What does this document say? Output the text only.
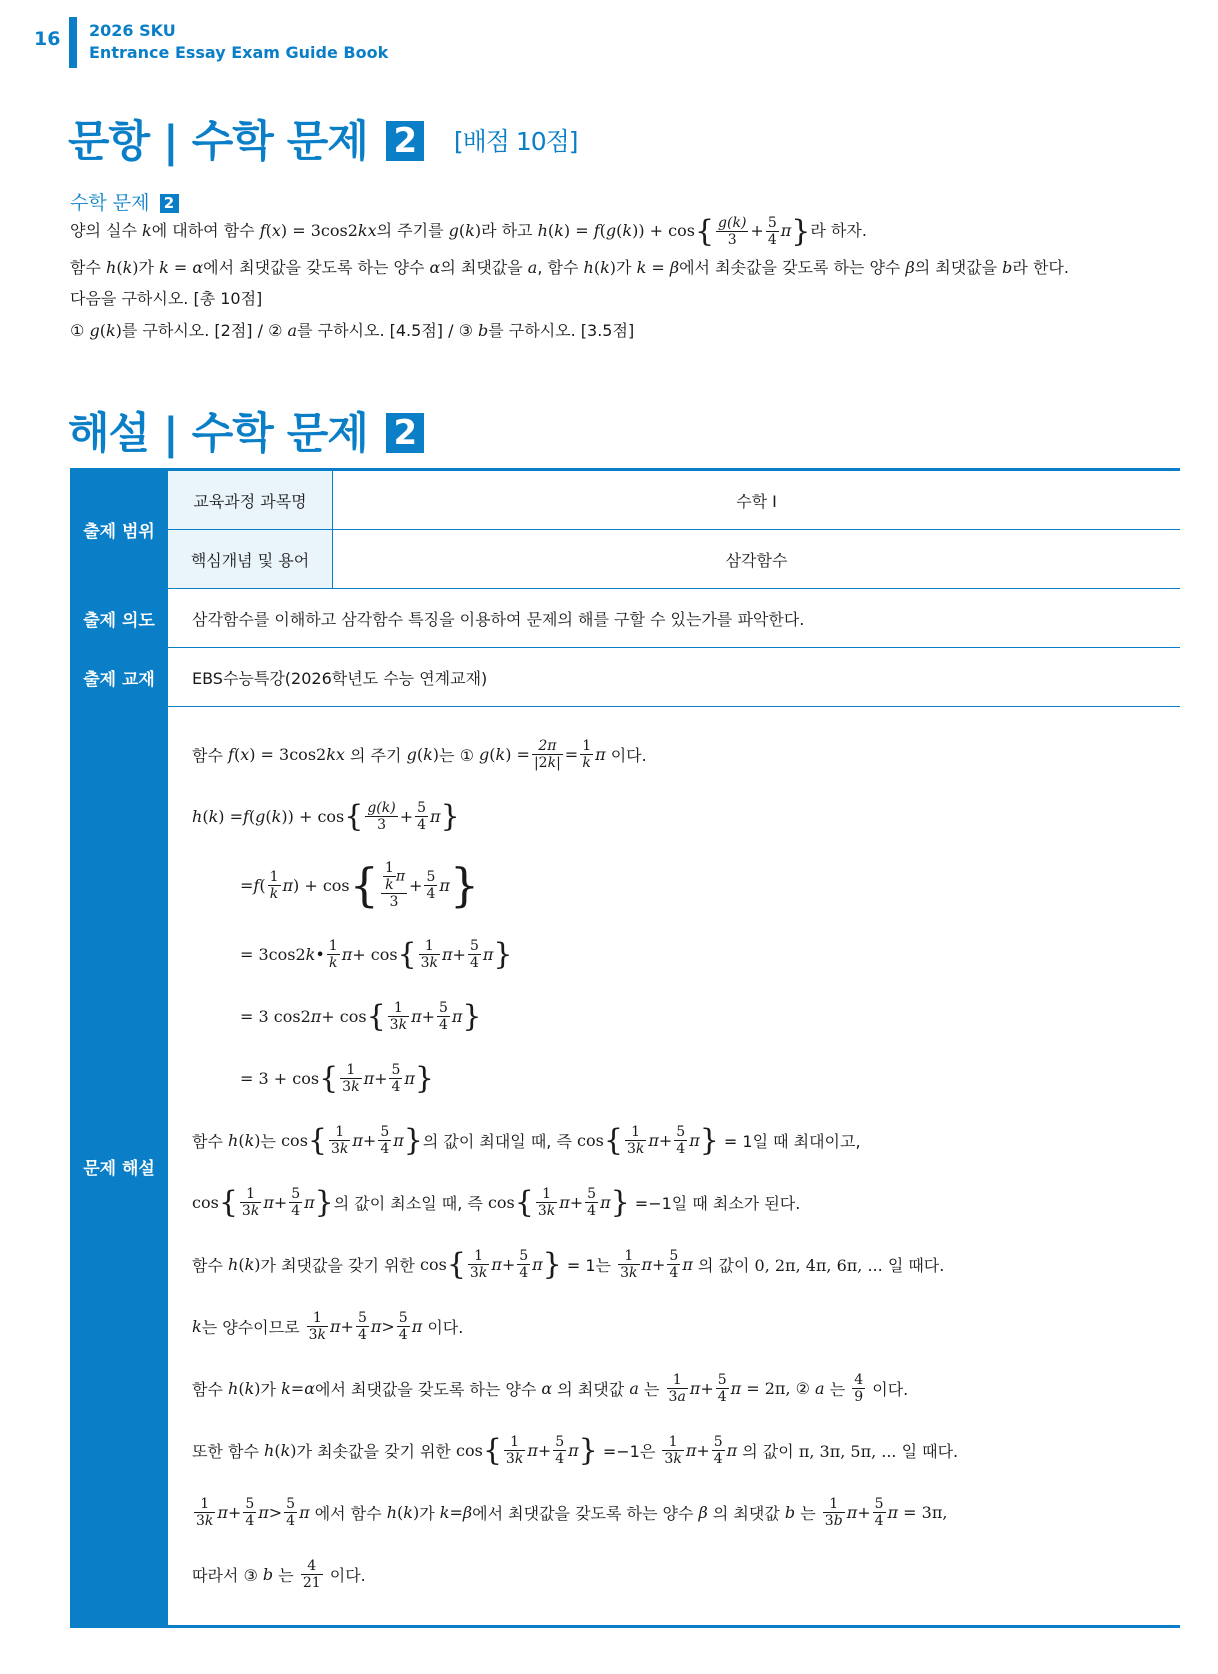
16 2026 SKU
Entrance Essay Exam Guide Book
문항 | 수학 문제 2 [배점 10점]
수학 문제 2
양의 실수 k에 대하여 함수 f(x) = 3cos2kx의 주기를 g(k)라 하고 $h(k) = f(g(k)) + \cos\{ \frac{g(k)}{3} + \frac{5}{4} \pi\}$라 하자.
함수 h(k)가 k = α에서 최댓값을 갖도록 하는 양수 α의 최댓값을 a, 함수 h(k)가 k = β에서 최솟값을 갖도록 하는 양수 β의 최댓값을 b라 한다.
다음을 구하시오. [총 10점]
① g(k)를 구하시오. [2점] / ② a를 구하시오. [4.5점] / ③ b를 구하시오. [3.5점]
해설 | 수학 문제 2
출제 범위
교육과정 과목명	수학 I
핵심개념 및 용어	삼각함수
출제 의도	삼각함수를 이해하고 삼각함수 특징을 이용하여 문제의 해를 구할 수 있는가를 파악한다.
출제 교재	EBS수능특강(2026학년도 수능 연계교재)
문제 해설
함수
f ( x ) = 3cos2 kx
의 주기
g ( k ) 는 ①
g ( k ) = $\frac{2\pi}{|2k|} = \frac{1}{k}$ π
이다.
h ( k ) = f ( g ( k )) + cos { $\frac{g(k)}{3} + \frac{5}{4}$ π }
= f ( $\frac{1}{k}$ π ) + cos { $\frac{\frac{1}{k} \pi}{3} + \frac{5}{4}$ π }
= 3cos2 k • $\frac{1}{k}$ π + cos { $\frac{1}{3k}$ $\pi + \frac{5}{4}$ π }
= 3 cos2 π + cos { $\frac{1}{3k}$ $\pi + \frac{5}{4}$ π }
= 3 + cos { $\frac{1}{3k}$ $\pi + \frac{5}{4}$ π }
함수
h ( k ) 는
cos { $\frac{1}{3k}$ $\pi + \frac{5}{4}$ π } 의 값이 최대일 때, 즉
cos { $\frac{1}{3k}$ $\pi + \frac{5}{4}$ π }
= 1일 때 최대이고,
cos { $\frac{1}{3k}$ $\pi + \frac{5}{4}$ π } 의 값이 최소일 때, 즉
cos { $\frac{1}{3k}$ $\pi + \frac{5}{4}$ π }
=−1일 때 최소가 된다.
함수
h ( k ) 가 최댓값을 갖기 위한
cos { $\frac{1}{3k}$ $\pi + \frac{5}{4}$ π }
= 1는
$\frac{1}{3k}$ $\pi + \frac{5}{4}$ π
의 값이
0, 2π, 4π, 6π, ... 일 때다.
k 는 양수이므로
$\frac{1}{3k}$ $\pi + \frac{5}{4}$ $\pi > \frac{5}{4}$ π
이다.
함수
h ( k ) 가
k = α 에서 최댓값을 갖도록 하는 양수
α
의 최댓값
a
는
$\frac{1}{3a}$ $\pi + \frac{5}{4}$ π
= 2π, ②
a
는
$\frac{4}{9}$
이다.
또한 함수
h ( k ) 가 최솟값을 갖기 위한
cos { $\frac{1}{3k}$ $\pi + \frac{5}{4}$ π }
=−1은
$\frac{1}{3k}$ $\pi + \frac{5}{4}$ π
의 값이
π, 3π, 5π, ... 일 때다.
$\frac{1}{3k}$ $\pi + \frac{5}{4}$ $\pi > \frac{5}{4}$ π
에서 함수
h ( k ) 가
k = β 에서 최댓값을 갖도록 하는 양수
β
의 최댓값
b
는
$\frac{1}{3b}$ $\pi + \frac{5}{4}$ π
= 3π,
따라서 ③
b
는
$\frac{4}{21}$
이다.
